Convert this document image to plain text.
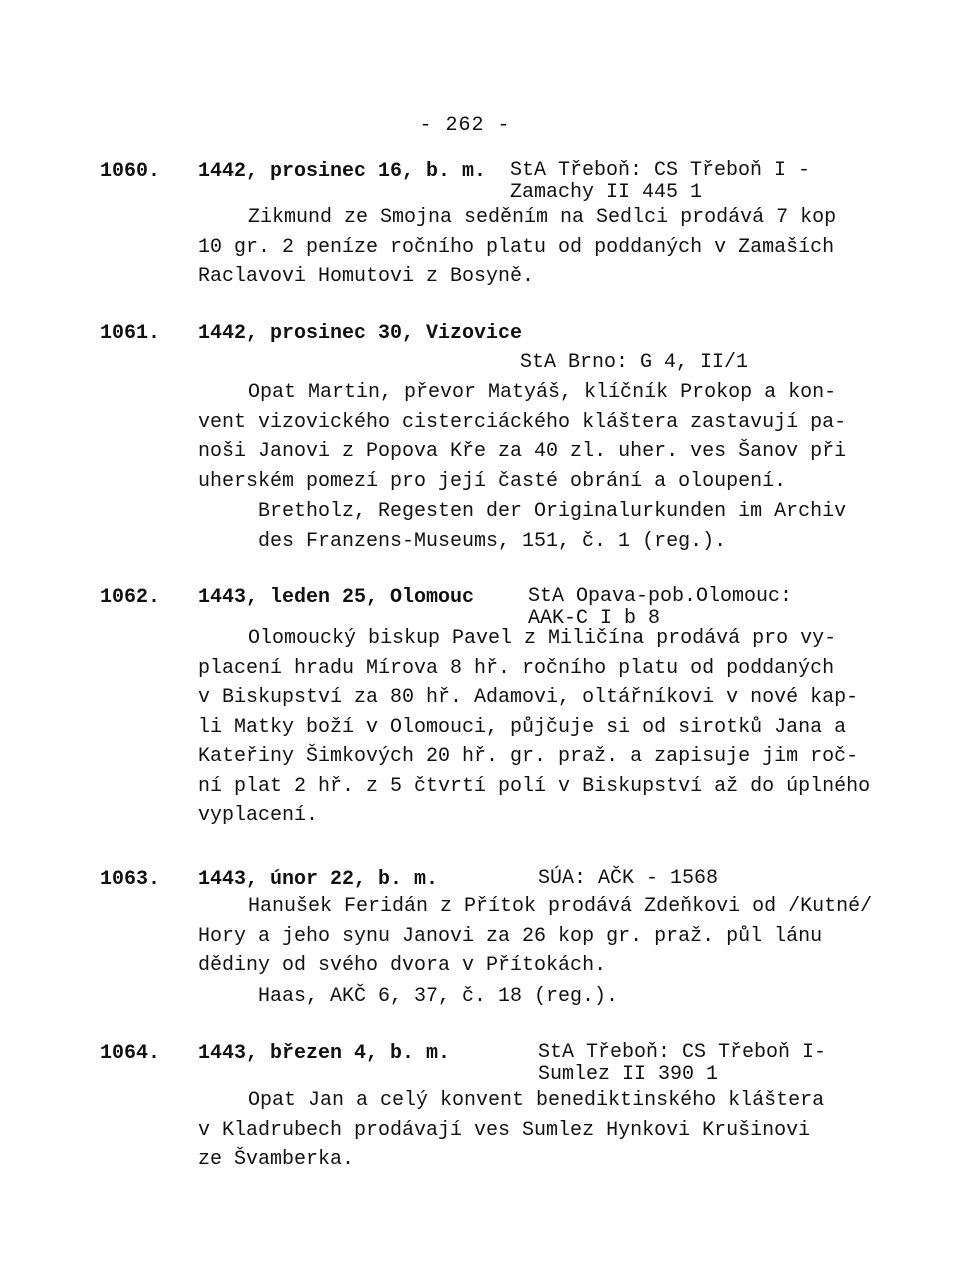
- 262 -
1060. 1442, prosinec 16, b. m. StA Třeboň: CS Třeboň I -
Zamachy II 445 1
Zikmund ze Smojna seděním na Sedlci prodává 7 kop
10 gr. 2 peníze ročního platu od poddaných v Zamaších
Raclavovi Homutovi z Bosyně.
1061. 1442, prosinec 30, Vizovice
StA Brno: G 4, II/1
Opat Martin, převor Matyáš, klíčník Prokop a kon-
vent vizovického cisterciáckého kláštera zastavují pa-
noši Janovi z Popova Kře za 40 zl. uher. ves Šanov při
uherském pomezí pro její časté obrání a oloupení.
Bretholz, Regesten der Originalurkunden im Archiv
des Franzens-Museums, 151, č. 1 (reg.).
1062. 1443, leden 25, Olomouc	StA Opava-pob.Olomouc:
AAK-C I b 8
Olomoucký biskup Pavel z Miličína prodává pro vy-
placení hradu Mírova 8 hř. ročního platu od poddaných
v Biskupství za 80 hř. Adamovi, oltářníkovi v nové kap-
li Matky boží v Olomouci, půjčuje si od sirotků Jana a
Kateřiny Šimkových 20 hř. gr. praž. a zapisuje jim roč-
ní plat 2 hř. z 5 čtvrtí polí v Biskupství až do úplného
vyplacení.
1063. 1443, únor 22, b. m.	SÚA: AČK - 1568
Hanušek Feridán z Přítok prodává Zdeňkovi od /Kutné/
Hory a jeho synu Janovi za 26 kop gr. praž. půl lánu
dědiny od svého dvora v Přítokách.
Haas, AKČ 6, 37, č. 18 (reg.).
1064. 1443, březen 4, b. m.	StA Třeboň: CS Třeboň I-
Sumlez II 390 1
Opat Jan a celý konvent benediktinského kláštera
v Kladrubech prodávají ves Sumlez Hynkovi Krušinovi
ze Švamberka.
